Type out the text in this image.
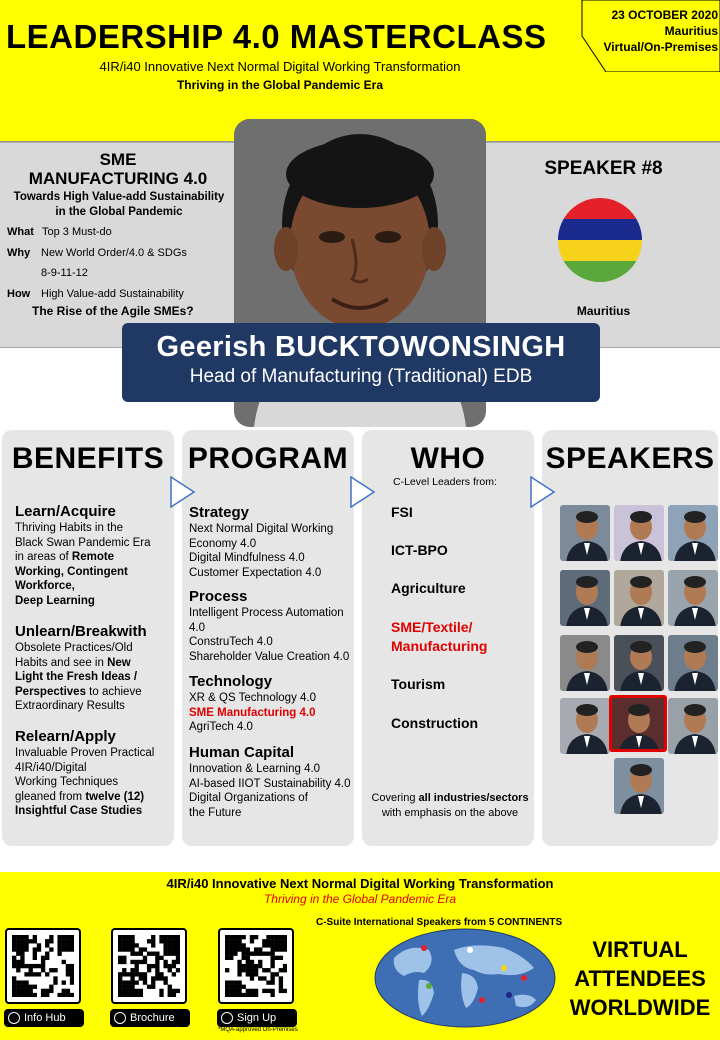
LEADERSHIP 4.0 MASTERCLASS
4IR/i40 Innovative Next Normal Digital Working Transformation
Thriving in the Global Pandemic Era
23 OCTOBER 2020
Mauritius
Virtual/On-Premises
SME
MANUFACTURING 4.0
Towards High Value-add Sustainability
in the Global Pandemic
What Top 3 Must-do
Why New World Order/4.0 & SDGs
8-9-11-12
How High Value-add Sustainability
The Rise of the Agile SMEs?
SPEAKER #8
Mauritius
Geerish BUCKTOWONSINGH
Head of Manufacturing (Traditional) EDB
BENEFITS PROGRAM	WHO	SPEAKERS
Learn/Acquire
Thriving Habits in the
Black Swan Pandemic Era
in areas of Remote
Working, Contingent
Workforce,
Deep Learning
Unlearn/Breakwith
Obsolete Practices/Old
Habits and see in New
Light the Fresh Ideas /
Perspectives to achieve
Extraordinary Results
Relearn/Apply
Invaluable Proven Practical
4IR/i40/Digital
Working Techniques
gleaned from twelve (12)
Insightful Case Studies
Strategy
Next Normal Digital Working
Economy 4.0
Digital Mindfulness 4.0
Customer Expectation 4.0
Process
Intelligent Process Automation
4.0
ConstruTech 4.0
Shareholder Value Creation 4.0
Technology
XR & QS Technology 4.0
SME Manufacturing 4.0
AgriTech 4.0
Human Capital
Innovation & Learning 4.0
AI-based IIOT Sustainability 4.0
Digital Organizations of
the Future
C-Level Leaders from:
FSI
ICT-BPO
Agriculture
SME/Textile/
Manufacturing
Tourism
Construction
Covering all industries/sectors
with emphasis on the above
4IR/i40 Innovative Next Normal Digital Working Transformation
Thriving in the Global Pandemic Era
C-Suite International Speakers from 5 CONTINENTS
Info Hub	Brochure	Sign Up
*MQA-approved On-Premises
VIRTUAL
ATTENDEES
WORLDWIDE
